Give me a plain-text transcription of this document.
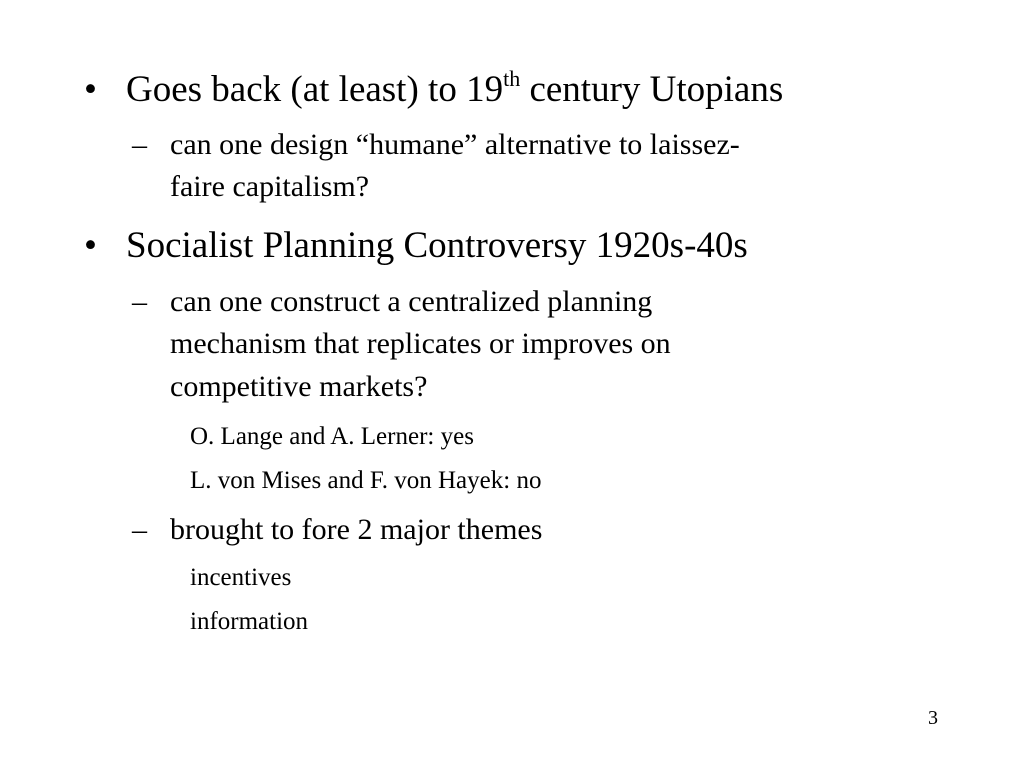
• Goes back (at least) to 19th century Utopians
– can one design “humane” alternative to laissez-
faire capitalism?
• Socialist Planning Controversy 1920s-40s
– can one construct a centralized planning
mechanism that replicates or improves on
competitive markets?
O. Lange and A. Lerner: yes
L. von Mises and F. von Hayek: no
– brought to fore 2 major themes
incentives
information
3
